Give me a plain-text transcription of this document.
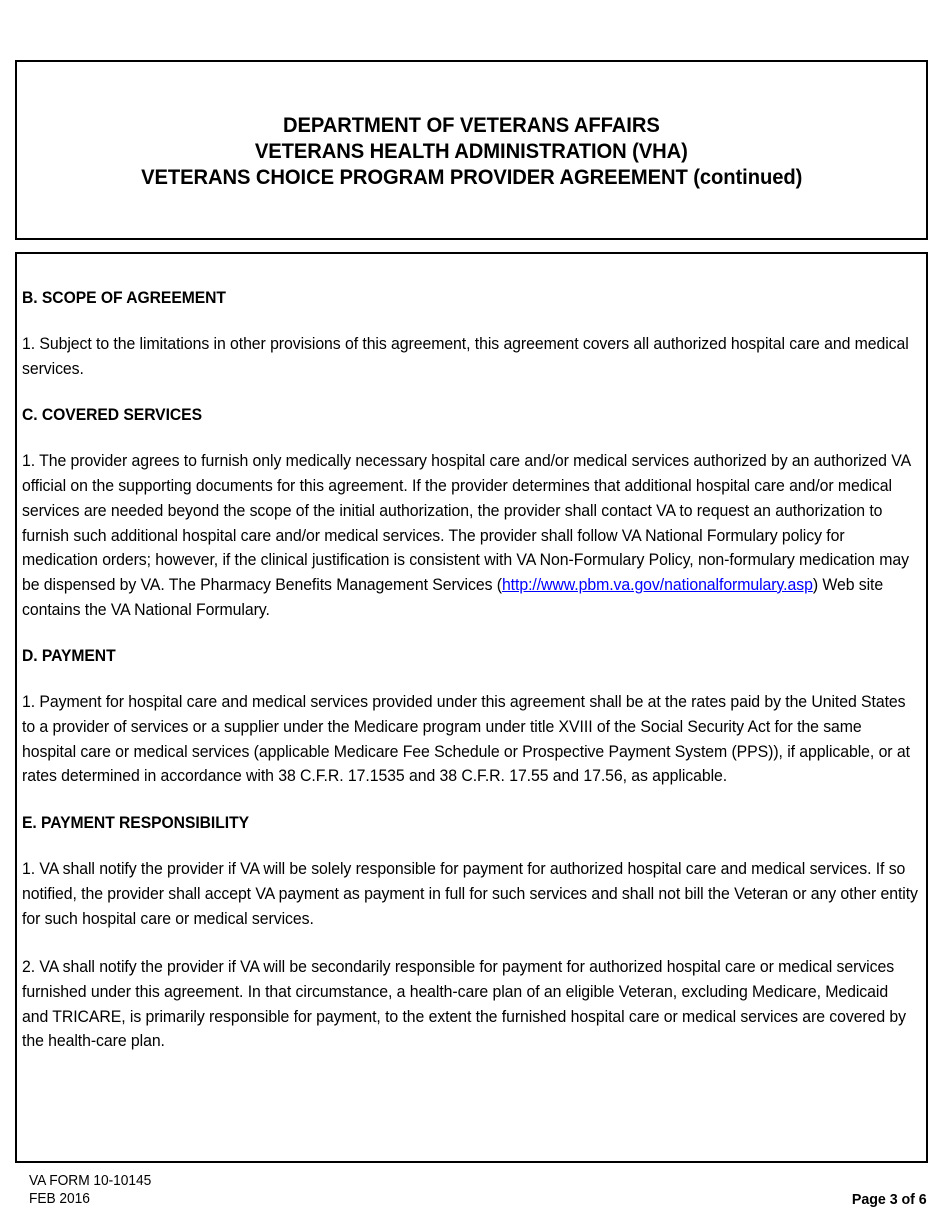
DEPARTMENT OF VETERANS AFFAIRS
VETERANS HEALTH ADMINISTRATION (VHA)
VETERANS CHOICE PROGRAM PROVIDER AGREEMENT (continued)
B. SCOPE OF AGREEMENT

1. Subject to the limitations in other provisions of this agreement, this agreement covers all authorized hospital care and medical services.

C. COVERED SERVICES

1. The provider agrees to furnish only medically necessary hospital care and/or medical services authorized by an authorized VA official on the supporting documents for this agreement. If the provider determines that additional hospital care and/or medical services are needed beyond the scope of the initial authorization, the provider shall contact VA to request an authorization to furnish such additional hospital care and/or medical services. The provider shall follow VA National Formulary policy for medication orders; however, if the clinical justification is consistent with VA Non-Formulary Policy, non-formulary medication may be dispensed by VA. The Pharmacy Benefits Management Services (http://www.pbm.va.gov/nationalformulary.asp) Web site contains the VA National Formulary.

D. PAYMENT

1. Payment for hospital care and medical services provided under this agreement shall be at the rates paid by the United States to a provider of services or a supplier under the Medicare program under title XVIII of the Social Security Act for the same hospital care or medical services (applicable Medicare Fee Schedule or Prospective Payment System (PPS)), if applicable, or at rates determined in accordance with 38 C.F.R. 17.1535 and 38 C.F.R. 17.55 and 17.56, as applicable.

E. PAYMENT RESPONSIBILITY

1. VA shall notify the provider if VA will be solely responsible for payment for authorized hospital care and medical services. If so notified, the provider shall accept VA payment as payment in full for such services and shall not bill the Veteran or any other entity for such hospital care or medical services.

2. VA shall notify the provider if VA will be secondarily responsible for payment for authorized hospital care or medical services furnished under this agreement. In that circumstance, a health-care plan of an eligible Veteran, excluding Medicare, Medicaid and TRICARE, is primarily responsible for payment, to the extent the furnished hospital care or medical services are covered by the health-care plan.

VA FORM 10-10145
FEB 2016	Page 3 of 6
